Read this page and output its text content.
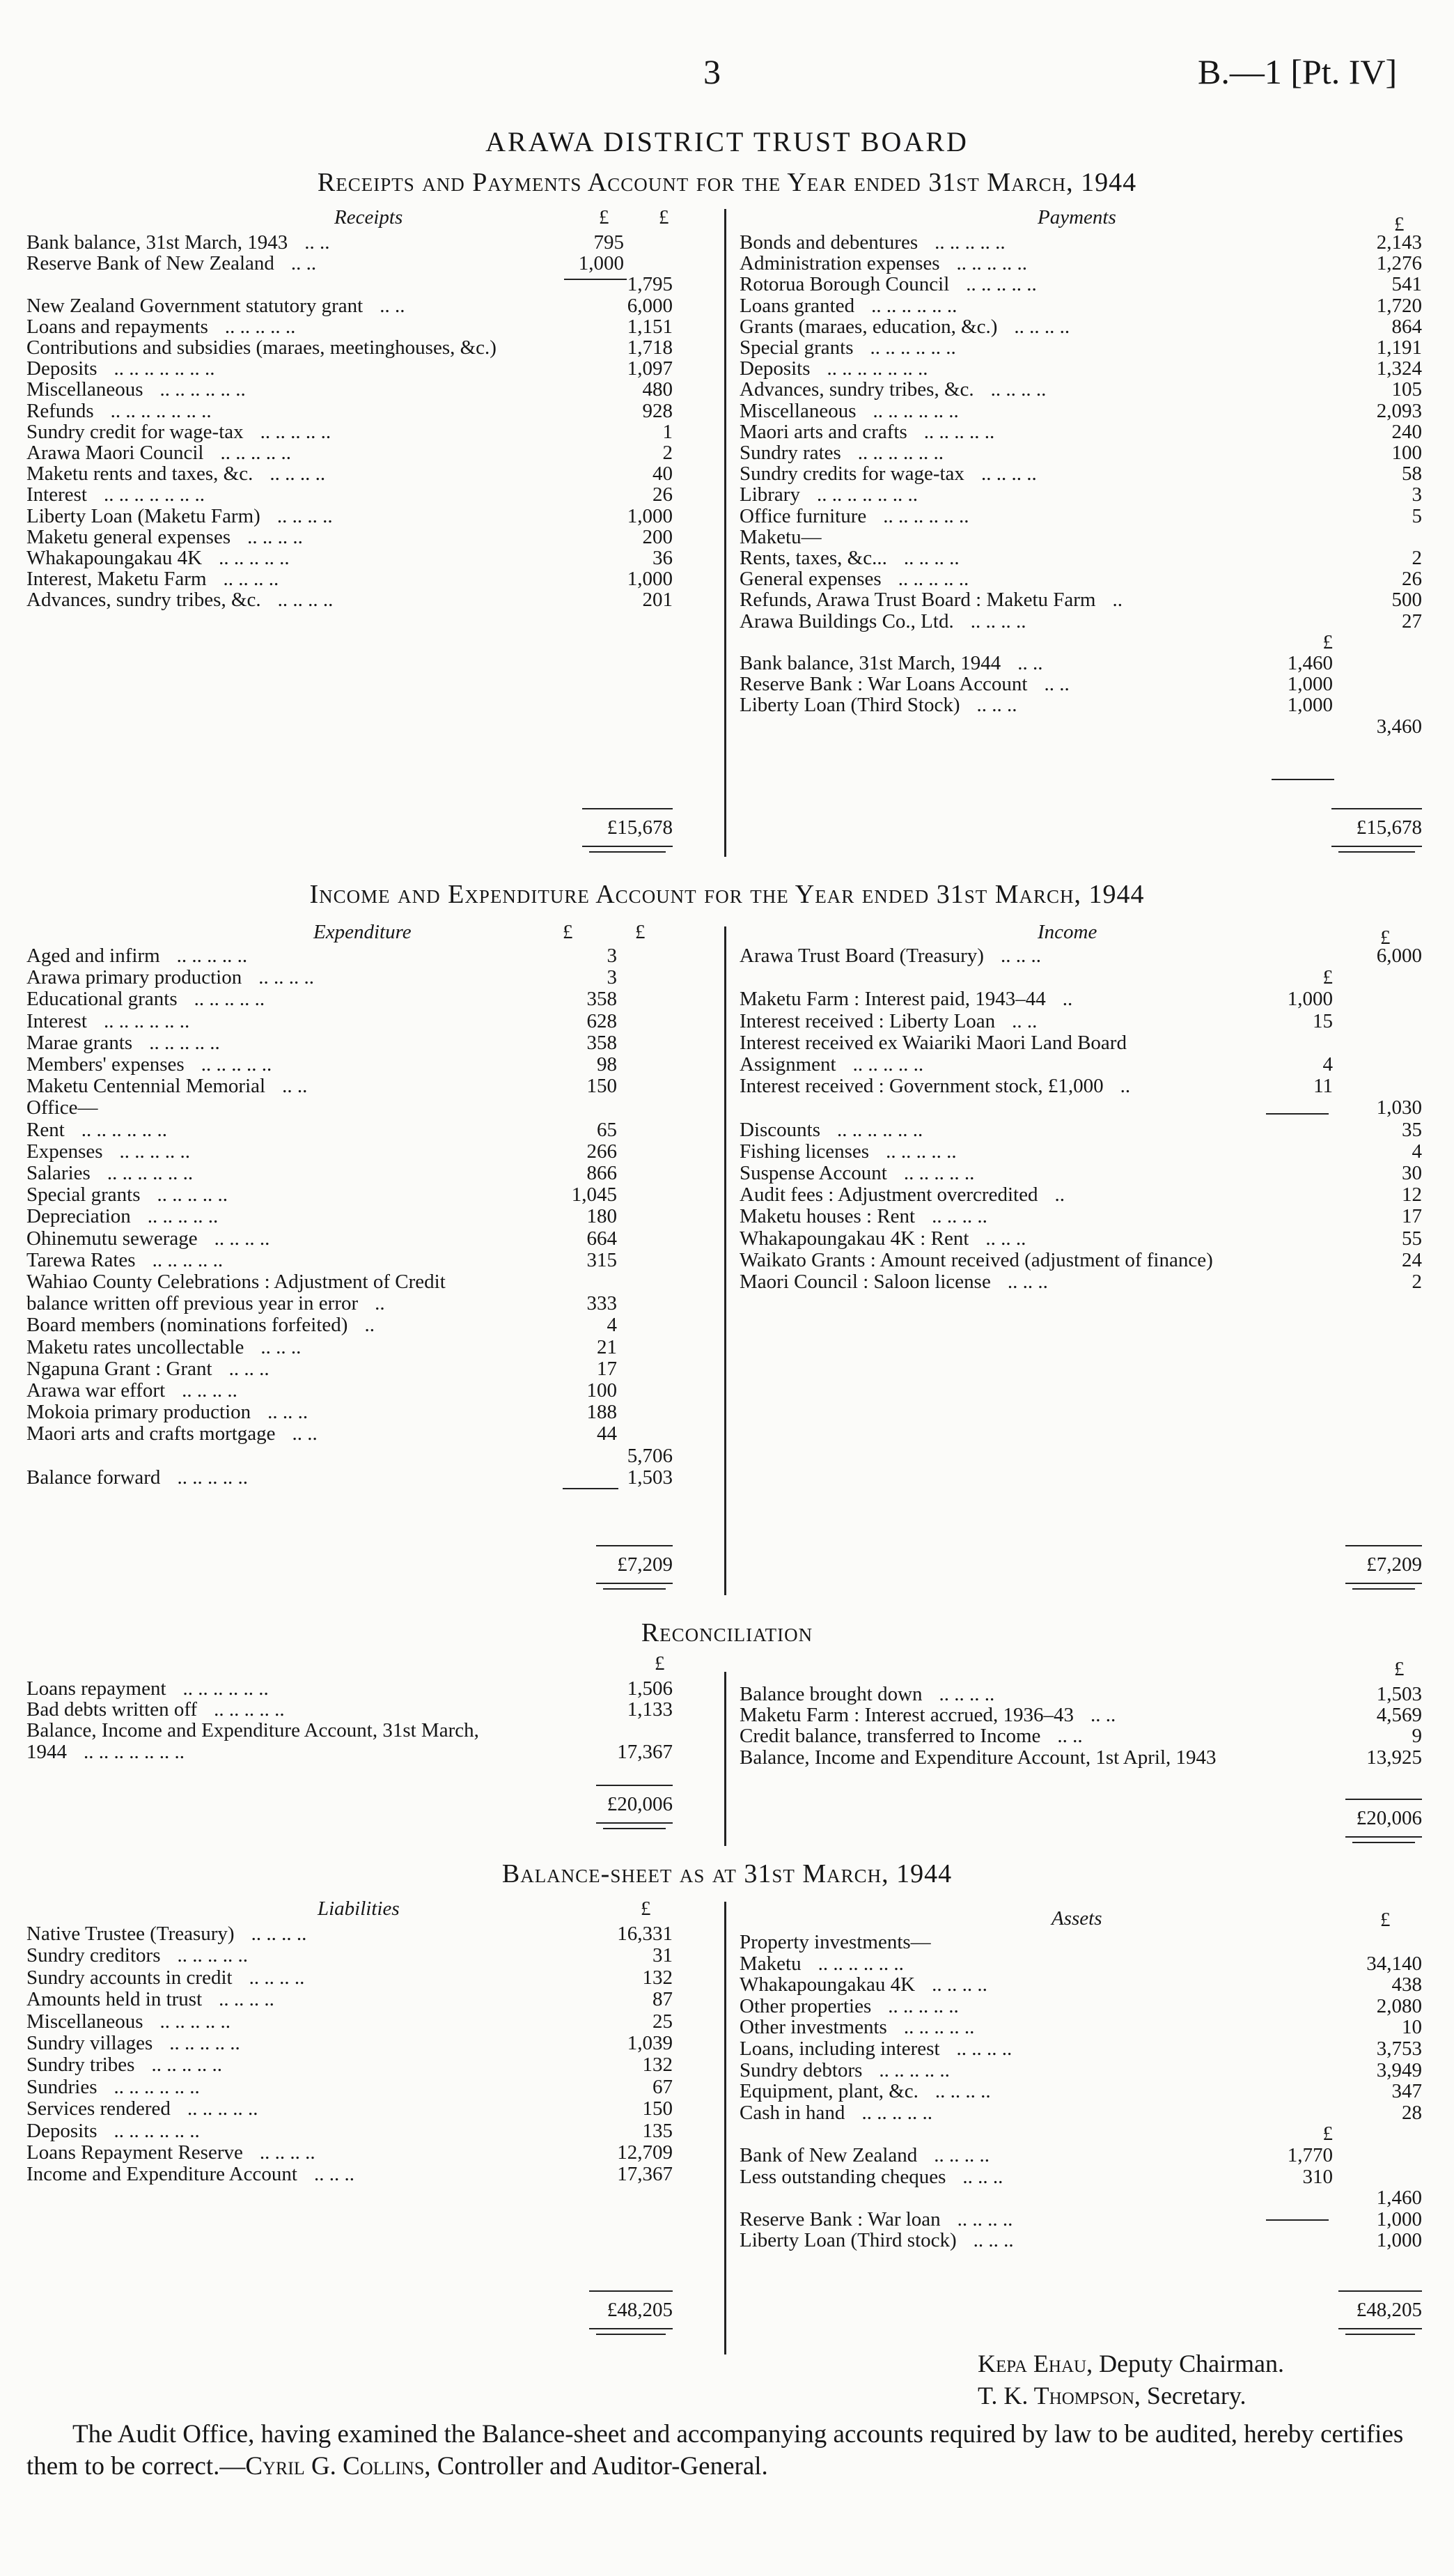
3	B.—1 [Pt. IV]
ARAWA DISTRICT TRUST BOARD
Receipts and Payments Account for the Year ended 31st March, 1944
Income and Expenditure Account for the Year ended 31st March, 1944
Reconciliation
Balance-sheet as at 31st March, 1944
Receipts	£ £	Payments	£
Bank balance, 31st March, 1943 .. ..	795
Reserve Bank of New Zealand .. ..	1,000
1,795
New Zealand Government statutory grant .. ..	6,000
Loans and repayments .. .. .. .. ..	1,151
Contributions and subsidies (maraes, meetinghouses, &c.)	1,718
Deposits .. .. .. .. .. .. ..	1,097
Miscellaneous .. .. .. .. .. ..	480
Refunds .. .. .. .. .. .. ..	928
Sundry credit for wage-tax .. .. .. .. ..	1
Arawa Maori Council .. .. .. .. ..	2
Maketu rents and taxes, &c. .. .. .. ..	40
Interest .. .. .. .. .. .. ..	26
Liberty Loan (Maketu Farm) .. .. .. ..	1,000
Maketu general expenses .. .. .. ..	200
Whakapoungakau 4K .. .. .. .. ..	36
Interest, Maketu Farm .. .. .. ..	1,000
Advances, sundry tribes, &c. .. .. .. ..	201
Bonds and debentures .. .. .. .. ..	2,143
Administration expenses .. .. .. .. ..	1,276
Rotorua Borough Council .. .. .. .. ..	541
Loans granted .. .. .. .. .. ..	1,720
Grants (maraes, education, &c.) .. .. .. ..	864
Special grants .. .. .. .. .. ..	1,191
Deposits .. .. .. .. .. .. ..	1,324
Advances, sundry tribes, &c. .. .. .. ..	105
Miscellaneous .. .. .. .. .. ..	2,093
Maori arts and crafts .. .. .. .. ..	240
Sundry rates .. .. .. .. .. ..	100
Sundry credits for wage-tax .. .. .. ..	58
Library .. .. .. .. .. .. ..	3
Office furniture .. .. .. .. .. ..	5
Maketu—
Rents, taxes, &c... .. .. .. ..	2
General expenses .. .. .. .. ..	26
Refunds, Arawa Trust Board : Maketu Farm ..	500
Arawa Buildings Co., Ltd. .. .. .. ..	27
£
Bank balance, 31st March, 1944 .. ..	1,460
Reserve Bank : War Loans Account .. ..	1,000
Liberty Loan (Third Stock) .. .. ..	1,000
3,460
£15,678	£15,678
Expenditure	£	£	Income	£
Aged and infirm .. .. .. .. ..	3
Arawa primary production .. .. .. ..	3
Educational grants .. .. .. .. ..	358
Interest .. .. .. .. .. ..	628
Marae grants .. .. .. .. ..	358
Members' expenses .. .. .. .. ..	98
Maketu Centennial Memorial .. ..	150
Office—
Rent .. .. .. .. .. ..	65
Expenses .. .. .. .. ..	266
Salaries .. .. .. .. .. ..	866
Special grants .. .. .. .. ..	1,045
Depreciation .. .. .. .. ..	180
Ohinemutu sewerage .. .. .. ..	664
Tarewa Rates .. .. .. .. ..	315
Wahiao County Celebrations : Adjustment of Credit
balance written off previous year in error ..	333
Board members (nominations forfeited) ..	4
Maketu rates uncollectable .. .. ..	21
Ngapuna Grant : Grant .. .. ..	17
Arawa war effort .. .. .. ..	100
Mokoia primary production .. .. ..	188
Maori arts and crafts mortgage .. ..	44
5,706
Balance forward .. .. .. .. ..	1,503
Arawa Trust Board (Treasury) .. .. ..	6,000
£
Maketu Farm : Interest paid, 1943–44 ..	1,000
Interest received : Liberty Loan .. ..	15
Interest received ex Waiariki Maori Land Board
Assignment .. .. .. .. ..	4
Interest received : Government stock, £1,000 ..	11
1,030
Discounts .. .. .. .. .. ..	35
Fishing licenses .. .. .. .. ..	4
Suspense Account .. .. .. .. ..	30
Audit fees : Adjustment overcredited ..	12
Maketu houses : Rent .. .. .. ..	17
Whakapoungakau 4K : Rent .. .. ..	55
Waikato Grants : Amount received (adjustment of finance)	24
Maori Council : Saloon license .. .. ..	2
£7,209	£7,209
£	£
Loans repayment .. .. .. .. .. ..	1,506
Bad debts written off .. .. .. .. ..	1,133
Balance, Income and Expenditure Account, 31st March,
1944 .. .. .. .. .. .. ..	17,367
Balance brought down .. .. .. ..	1,503
Maketu Farm : Interest accrued, 1936–43 .. ..	4,569
Credit balance, transferred to Income .. ..	9
Balance, Income and Expenditure Account, 1st April, 1943	13,925
£20,006
£20,006
Liabilities	£	Assets	£
Native Trustee (Treasury) .. .. .. ..	16,331
Sundry creditors .. .. .. .. ..	31
Sundry accounts in credit .. .. .. ..	132
Amounts held in trust .. .. .. ..	87
Miscellaneous .. .. .. .. ..	25
Sundry villages .. .. .. .. ..	1,039
Sundry tribes .. .. .. .. ..	132
Sundries .. .. .. .. .. ..	67
Services rendered .. .. .. .. ..	150
Deposits .. .. .. .. .. ..	135
Loans Repayment Reserve .. .. .. ..	12,709
Income and Expenditure Account .. .. ..	17,367
Property investments—
Maketu .. .. .. .. .. ..	34,140
Whakapoungakau 4K .. .. .. ..	438
Other properties .. .. .. .. ..	2,080
Other investments .. .. .. .. ..	10
Loans, including interest .. .. .. ..	3,753
Sundry debtors .. .. .. .. ..	3,949
Equipment, plant, &c. .. .. .. ..	347
Cash in hand .. .. .. .. ..	28
£
Bank of New Zealand .. .. .. ..	1,770
Less outstanding cheques .. .. ..	310
1,460
Reserve Bank : War loan .. .. .. ..	1,000
Liberty Loan (Third stock) .. .. ..	1,000
£48,205	£48,205
Kepa Ehau, Deputy Chairman.
T. K. Thompson, Secretary.
The Audit Office, having examined the Balance-sheet and accompanying accounts required by law to be audited, hereby certifies them to be correct.—Cyril G. Collins, Controller and Auditor-General.
